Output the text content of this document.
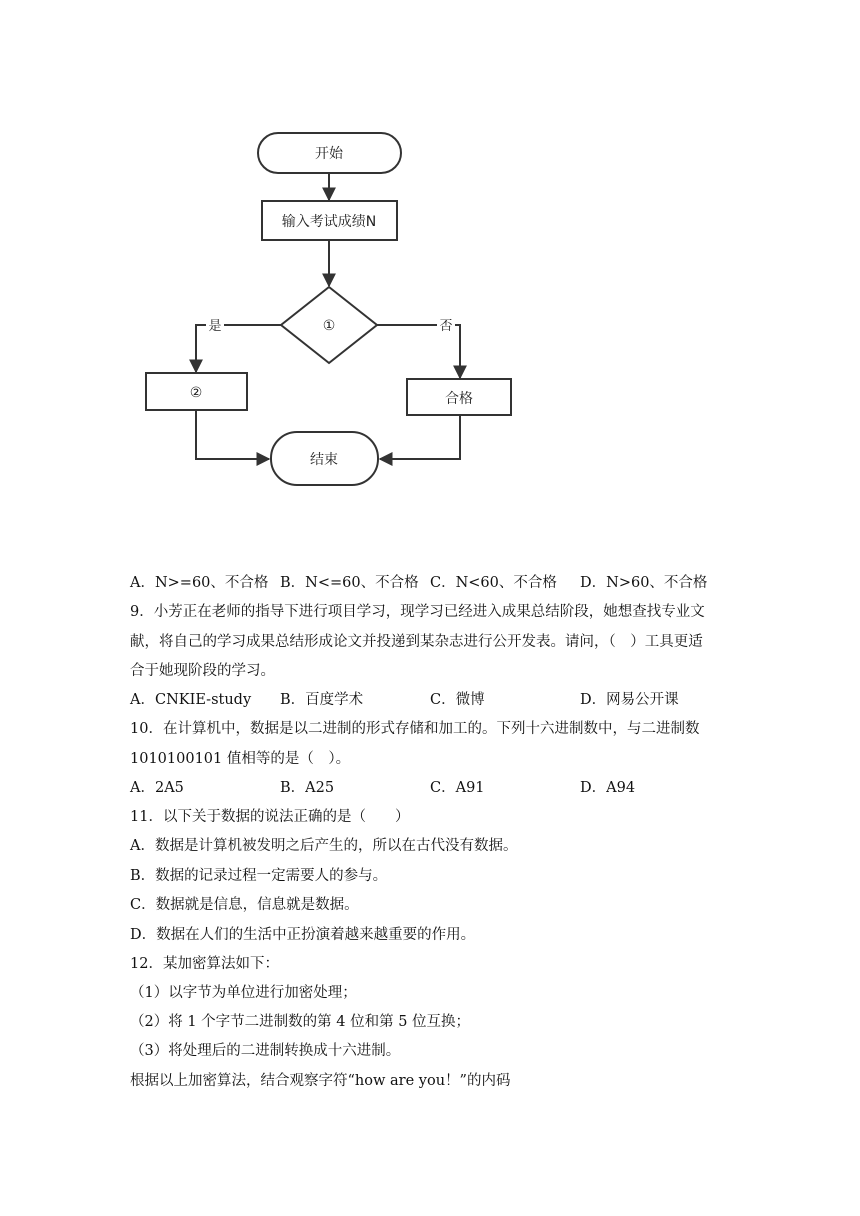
开始
输入考试成绩N
①
是	否
②	合格
结束
A．N>=60、不合格 B．N<=60、不合格 C．N<60、不合格 D．N>60、不合格
9．小芳正在老师的指导下进行项目学习，现学习已经进入成果总结阶段，她想查找专业文
献，将自己的学习成果总结形成论文并投递到某杂志进行公开发表。请问，（　）工具更适
合于她现阶段的学习。
A．CNKIE-study B．百度学术	C．微博	D．网易公开课
10．在计算机中，数据是以二进制的形式存储和加工的。下列十六进制数中，与二进制数
1010100101 值相等的是（　）。
A．2A5	B．A25	C．A91	D．A94
11．以下关于数据的说法正确的是（　　）
A．数据是计算机被发明之后产生的，所以在古代没有数据。
B．数据的记录过程一定需要人的参与。
C．数据就是信息，信息就是数据。
D．数据在人们的生活中正扮演着越来越重要的作用。
12．某加密算法如下：
（1）以字节为单位进行加密处理；
（2）将 1 个字节二进制数的第 4 位和第 5 位互换；
（3）将处理后的二进制转换成十六进制。
根据以上加密算法，结合观察字符“how are you！”的内码
